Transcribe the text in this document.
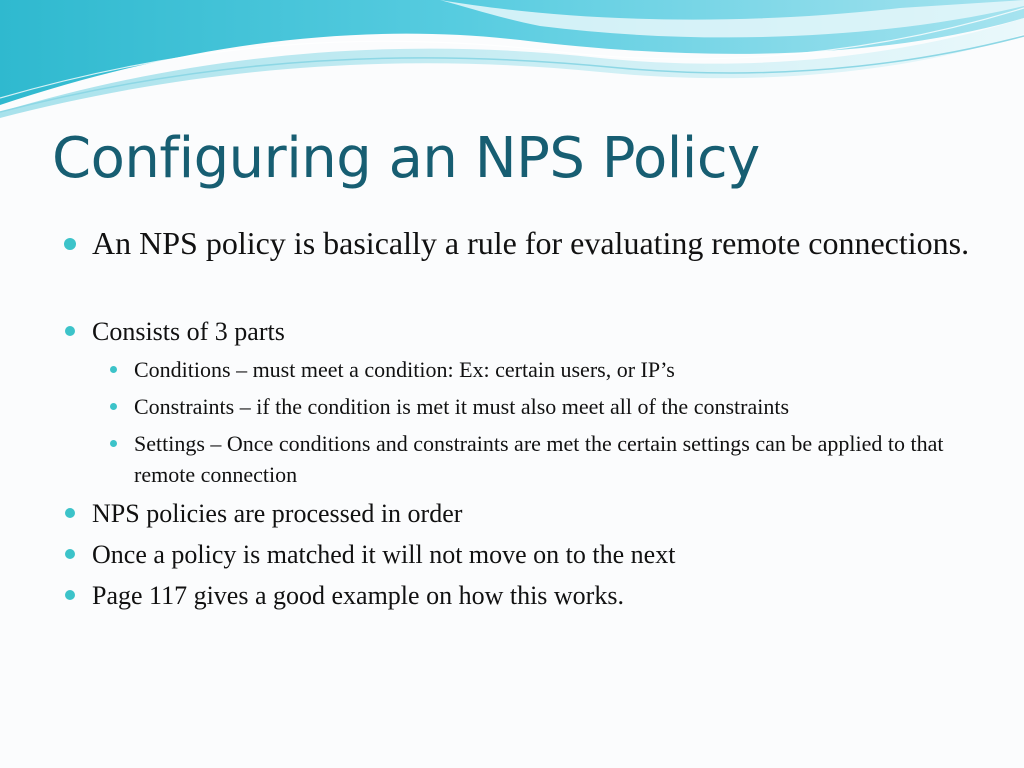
Configuring an NPS Policy

An NPS policy is basically a rule for evaluating remote connections.

Consists of 3 parts

Conditions – must meet a condition: Ex: certain users, or IP’s

Constraints – if the condition is met it must also meet all of the constraints

Settings – Once conditions and constraints are met the certain settings can be applied to that remote connection

NPS policies are processed in order

Once a policy is matched it will not move on to the next

Page 117 gives a good example on how this works.
